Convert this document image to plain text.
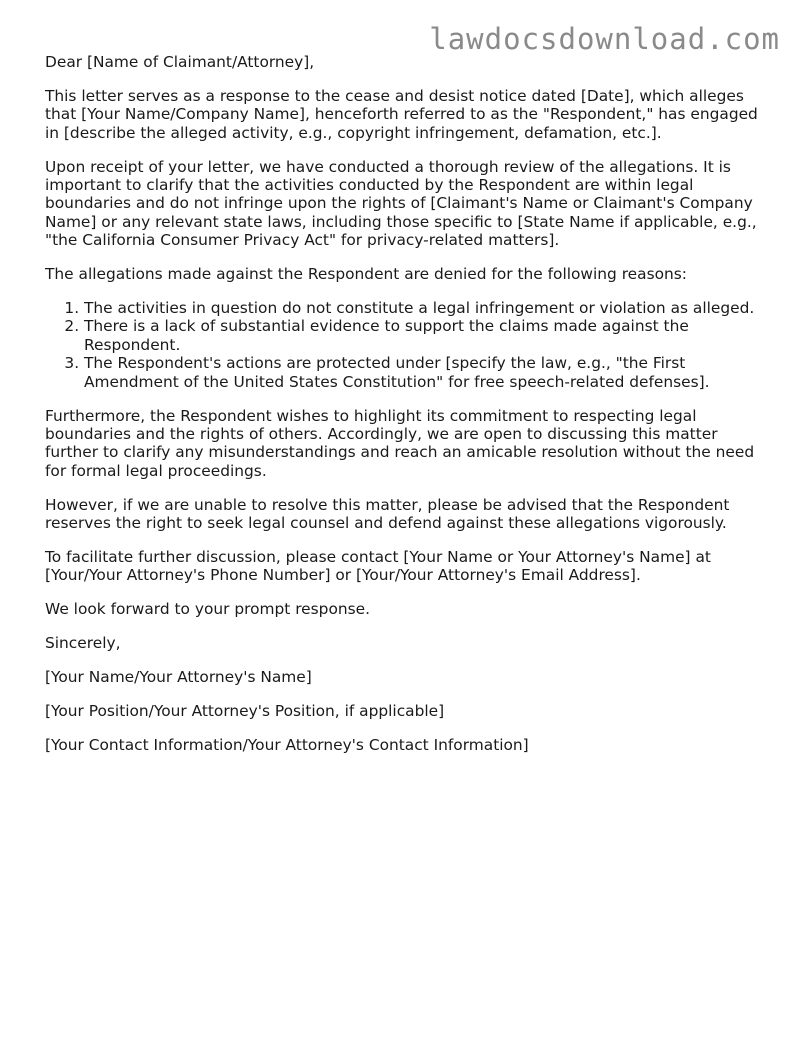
lawdocsdownload.com

Dear [Name of Claimant/Attorney],

This letter serves as a response to the cease and desist notice dated [Date], which alleges that [Your Name/Company Name], henceforth referred to as the "Respondent," has engaged in [describe the alleged activity, e.g., copyright infringement, defamation, etc.].

Upon receipt of your letter, we have conducted a thorough review of the allegations. It is important to clarify that the activities conducted by the Respondent are within legal boundaries and do not infringe upon the rights of [Claimant's Name or Claimant's Company Name] or any relevant state laws, including those specific to [State Name if applicable, e.g., "the California Consumer Privacy Act" for privacy-related matters].

The allegations made against the Respondent are denied for the following reasons:

1. The activities in question do not constitute a legal infringement or violation as alleged.
2. There is a lack of substantial evidence to support the claims made against the Respondent.
3. The Respondent's actions are protected under [specify the law, e.g., "the First Amendment of the United States Constitution" for free speech-related defenses].

Furthermore, the Respondent wishes to highlight its commitment to respecting legal boundaries and the rights of others. Accordingly, we are open to discussing this matter further to clarify any misunderstandings and reach an amicable resolution without the need for formal legal proceedings.

However, if we are unable to resolve this matter, please be advised that the Respondent reserves the right to seek legal counsel and defend against these allegations vigorously.

To facilitate further discussion, please contact [Your Name or Your Attorney's Name] at [Your/Your Attorney's Phone Number] or [Your/Your Attorney's Email Address].

We look forward to your prompt response.

Sincerely,

[Your Name/Your Attorney's Name]

[Your Position/Your Attorney's Position, if applicable]

[Your Contact Information/Your Attorney's Contact Information]
